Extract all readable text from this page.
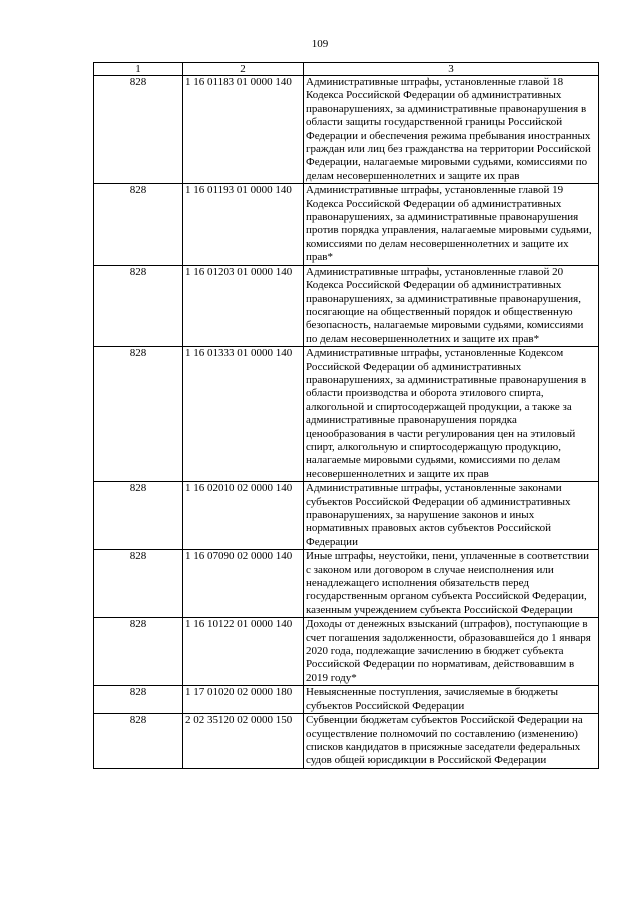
109
1	2	3
828	1 16 01183 01 0000 140	Административные штрафы, установленные главой 18 Кодекса Российской Федерации об административных правонарушениях, за административные правонарушения в области защиты государственной границы Российской Федерации и обеспечения режима пребывания иностранных граждан или лиц без гражданства на территории Российской Федерации, налагаемые мировыми судьями, комиссиями по делам несовершеннолетних и защите их прав
828	1 16 01193 01 0000 140	Административные штрафы, установленные главой 19 Кодекса Российской Федерации об административных правонарушениях, за административные правонарушения против порядка управления, налагаемые мировыми судьями, комиссиями по делам несовершеннолетних и защите их прав*
828	1 16 01203 01 0000 140	Административные штрафы, установленные главой 20 Кодекса Российской Федерации об административных правонарушениях, за административные правонарушения, посягающие на общественный порядок и общественную безопасность, налагаемые мировыми судьями, комиссиями по делам несовершеннолетних и защите их прав*
828	1 16 01333 01 0000 140	Административные штрафы, установленные Кодексом Российской Федерации об административных правонарушениях, за административные правонарушения в области производства и оборота этилового спирта, алкогольной и спиртосодержащей продукции, а также за административные правонарушения порядка ценообразования в части регулирования цен на этиловый спирт, алкогольную и спиртосодержащую продукцию, налагаемые мировыми судьями, комиссиями по делам несовершеннолетних и защите их прав
828	1 16 02010 02 0000 140	Административные штрафы, установленные законами субъектов Российской Федерации об административных правонарушениях, за нарушение законов и иных нормативных правовых актов субъектов Российской Федерации
828	1 16 07090 02 0000 140	Иные штрафы, неустойки, пени, уплаченные в соответствии с законом или договором в случае неисполнения или ненадлежащего исполнения обязательств перед государственным органом субъекта Российской Федерации, казенным учреждением субъекта Российской Федерации
828	1 16 10122 01 0000 140	Доходы от денежных взысканий (штрафов), поступающие в счет погашения задолженности, образовавшейся до 1 января 2020 года, подлежащие зачислению в бюджет субъекта Российской Федерации по нормативам, действовавшим в 2019 году*
828	1 17 01020 02 0000 180	Невыясненные поступления, зачисляемые в бюджеты субъектов Российской Федерации
828	2 02 35120 02 0000 150	Субвенции бюджетам субъектов Российской Федерации на осуществление полномочий по составлению (изменению) списков кандидатов в присяжные заседатели федеральных судов общей юрисдикции в Российской Федерации
